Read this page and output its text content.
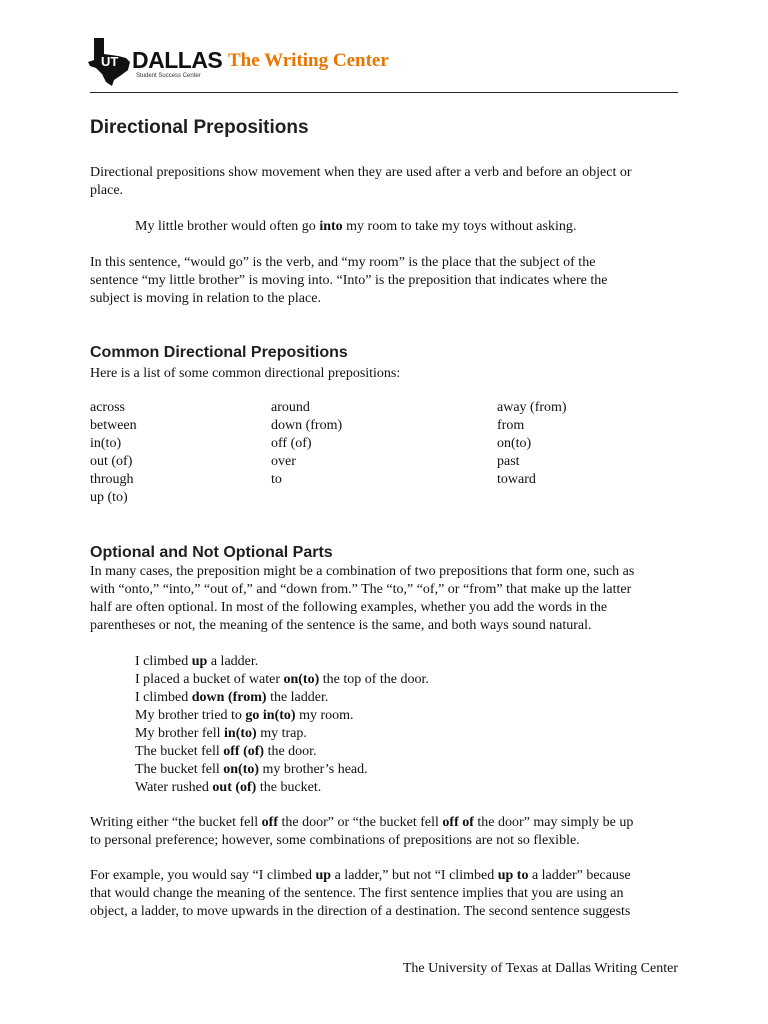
UT DALLAS
Student Success Center
The Writing Center
Directional Prepositions
Directional prepositions show movement when they are used after a verb and before an object or
place.
My little brother would often go into my room to take my toys without asking.
In this sentence, “would go” is the verb, and “my room” is the place that the subject of the
sentence “my little brother” is moving into. “Into” is the preposition that indicates where the
subject is moving in relation to the place.
Common Directional Prepositions
Here is a list of some common directional prepositions:
across
between
in(to)
out (of)
through
up (to)
around
down (from)
off (of)
over
to
away (from)
from
on(to)
past
toward
Optional and Not Optional Parts
In many cases, the preposition might be a combination of two prepositions that form one, such as
with “onto,” “into,” “out of,” and “down from.” The “to,” “of,” or “from” that make up the latter
half are often optional. In most of the following examples, whether you add the words in the
parentheses or not, the meaning of the sentence is the same, and both ways sound natural.
I climbed up a ladder.
I placed a bucket of water on(to) the top of the door.
I climbed down (from) the ladder.
My brother tried to go in(to) my room.
My brother fell in(to) my trap.
The bucket fell off (of) the door.
The bucket fell on(to) my brother’s head.
Water rushed out (of) the bucket.
Writing either “the bucket fell off the door” or “the bucket fell off of the door” may simply be up
to personal preference; however, some combinations of prepositions are not so flexible.
For example, you would say “I climbed up a ladder,” but not “I climbed up to a ladder” because
that would change the meaning of the sentence. The first sentence implies that you are using an
object, a ladder, to move upwards in the direction of a destination. The second sentence suggests
The University of Texas at Dallas Writing Center
